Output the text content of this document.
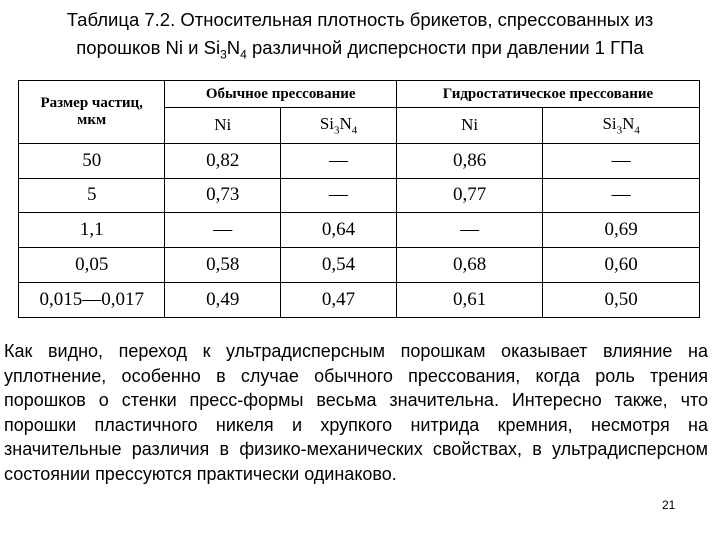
Таблица 7.2. Относительная плотность брикетов, спрессованных из
порошков Ni и $Si_3N_4$ различной дисперсности при давлении 1 ГПа
Размер частиц,
мкм	Обычное прессование		Гидростатическое прессование	
	Ni	$Si_3N_4$	Ni	$Si_3N_4$
50	0,82	—	0,86	—
5	0,73	—	0,77	—
1,1	—	0,64	—	0,69
0,05	0,58	0,54	0,68	0,60
0,015—0,017	0,49	0,47	0,61	0,50
Как видно, переход к ультрадисперсным порошкам оказывает влияние на уплотнение, особенно в случае обычного прессования, когда роль трения порошков о стенки пресс-формы весьма значительна. Интересно также, что порошки пластичного никеля и хрупкого нитрида кремния, несмотря на значительные различия в физико-механических свойствах, в ультрадисперсном состоянии прессуются практически одинаково.
21
